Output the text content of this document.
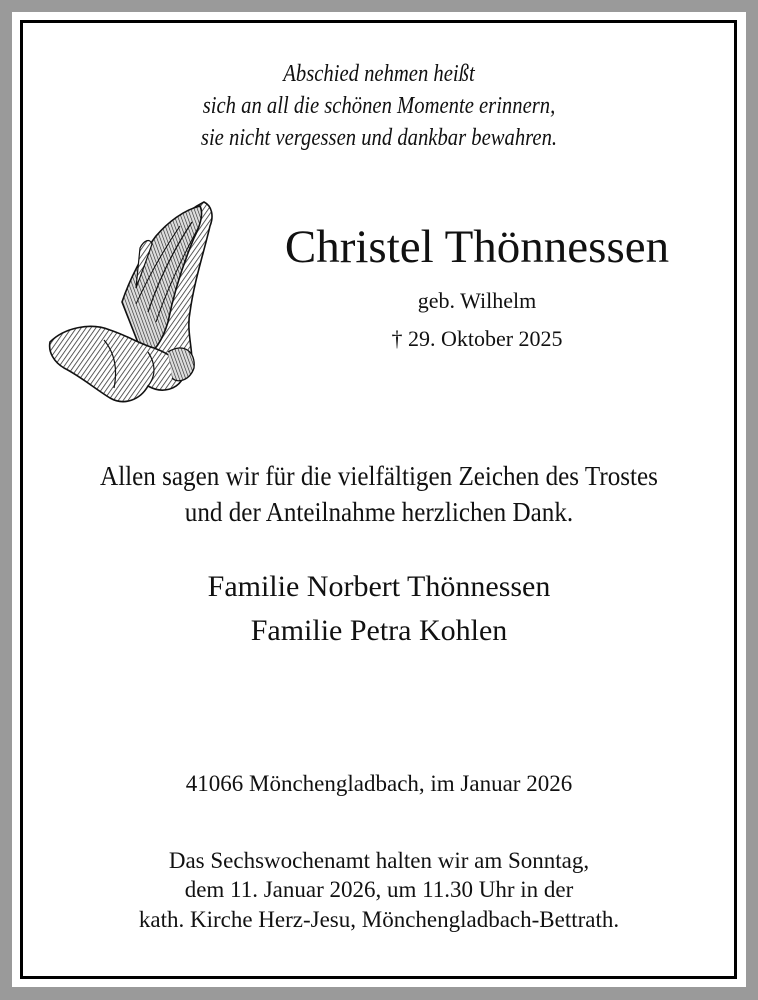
Abschied nehmen heißt
sich an all die schönen Momente erinnern,
sie nicht vergessen und dankbar bewahren.
Christel Thönnessen
geb. Wilhelm
† 29. Oktober 2025
Allen sagen wir für die vielfältigen Zeichen des Trostes
und der Anteilnahme herzlichen Dank.
Familie Norbert Thönnessen
Familie Petra Kohlen
41066 Mönchengladbach, im Januar 2026
Das Sechswochenamt halten wir am Sonntag,
dem 11. Januar 2026, um 11.30 Uhr in der
kath. Kirche Herz-Jesu, Mönchengladbach-Bettrath.
